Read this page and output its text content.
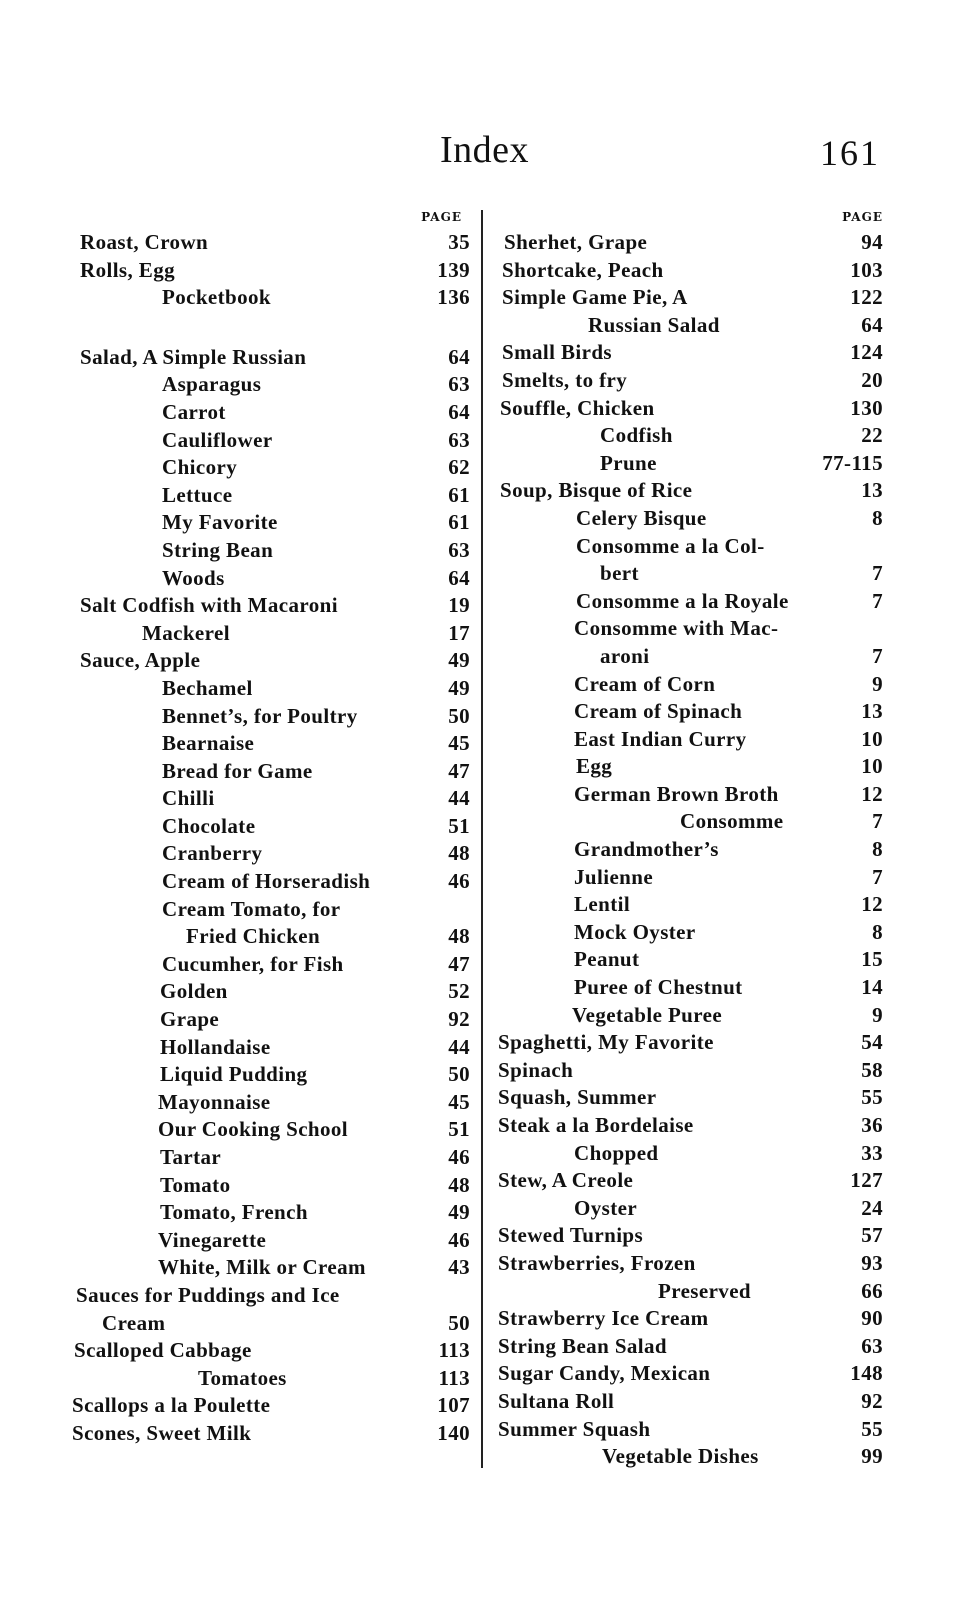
Index	161
PAGE
Roast, Crown	35
Rolls, Egg	139
Pocketbook	136
Salad, A Simple Russian	64
Asparagus	63
Carrot	64
Cauliflower	63
Chicory	62
Lettuce	61
My Favorite	61
String Bean	63
Woods	64
Salt Codfish with Macaroni	19
Mackerel	17
Sauce, Apple	49
Bechamel	49
Bennet’s, for Poultry	50
Bearnaise	45
Bread for Game	47
Chilli	44
Chocolate	51
Cranberry	48
Cream of Horseradish	46
Cream Tomato, for
Fried Chicken	48
Cucumher, for Fish	47
Golden	52
Grape	92
Hollandaise	44
Liquid Pudding	50
Mayonnaise	45
Our Cooking School	51
Tartar	46
Tomato	48
Tomato, French	49
Vinegarette	46
White, Milk or Cream	43
Sauces for Puddings and Ice
Cream	50
Scalloped Cabbage	113
Tomatoes	113
Scallops a la Poulette	107
Scones, Sweet Milk	140
PAGE
Sherhet, Grape	94
Shortcake, Peach	103
Simple Game Pie, A	122
Russian Salad	64
Small Birds	124
Smelts, to fry	20
Souffle, Chicken	130
Codfish	22
Prune	77-115
Soup, Bisque of Rice	13
Celery Bisque	8
Consomme a la Col-
bert	7
Consomme a la Royale	7
Consomme with Mac-
aroni	7
Cream of Corn	9
Cream of Spinach	13
East Indian Curry	10
Egg	10
German Brown Broth	12
Consomme	7
Grandmother’s	8
Julienne	7
Lentil	12
Mock Oyster	8
Peanut	15
Puree of Chestnut	14
Vegetable Puree	9
Spaghetti, My Favorite	54
Spinach	58
Squash, Summer	55
Steak a la Bordelaise	36
Chopped	33
Stew, A Creole	127
Oyster	24
Stewed Turnips	57
Strawberries, Frozen	93
Preserved	66
Strawberry Ice Cream	90
String Bean Salad	63
Sugar Candy, Mexican	148
Sultana Roll	92
Summer Squash	55
Vegetable Dishes	99
